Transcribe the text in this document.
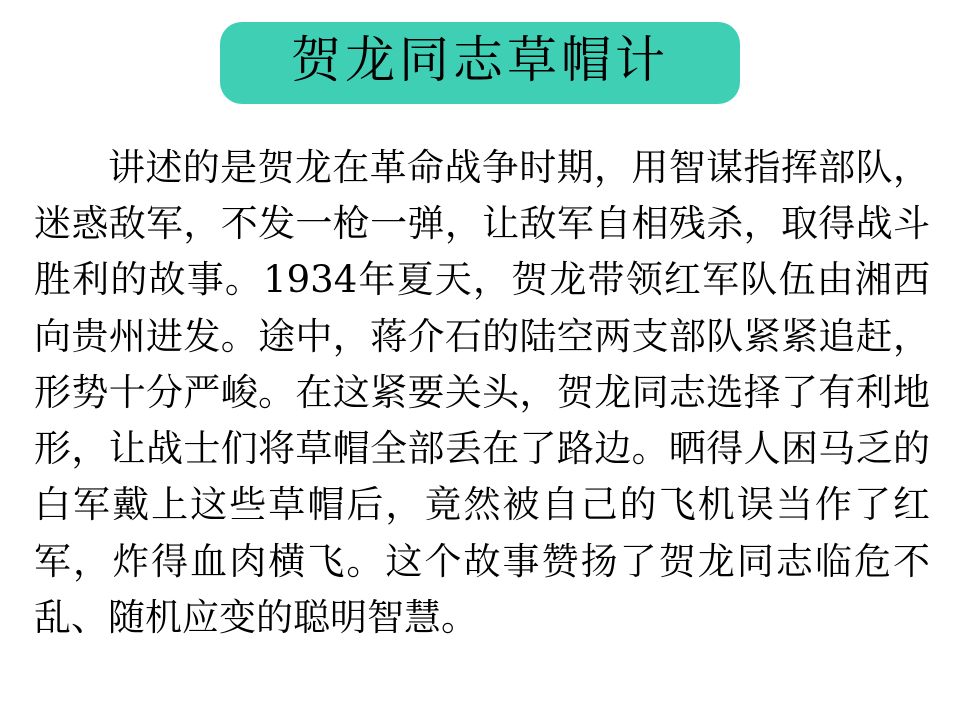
贺龙同志草帽计
讲述的是贺龙在革命战争时期，用智谋指挥部队，迷惑敌军，不发一枪一弹，让敌军自相残杀，取得战斗胜利的故事。1934年夏天，贺龙带领红军队伍由湘西向贵州进发。途中，蒋介石的陆空两支部队紧紧追赶，形势十分严峻。在这紧要关头，贺龙同志选择了有利地形，让战士们将草帽全部丢在了路边。晒得人困马乏的白军戴上这些草帽后，竟然被自己的飞机误当作了红军，炸得血肉横飞。这个故事赞扬了贺龙同志临危不乱、随机应变的聪明智慧。
